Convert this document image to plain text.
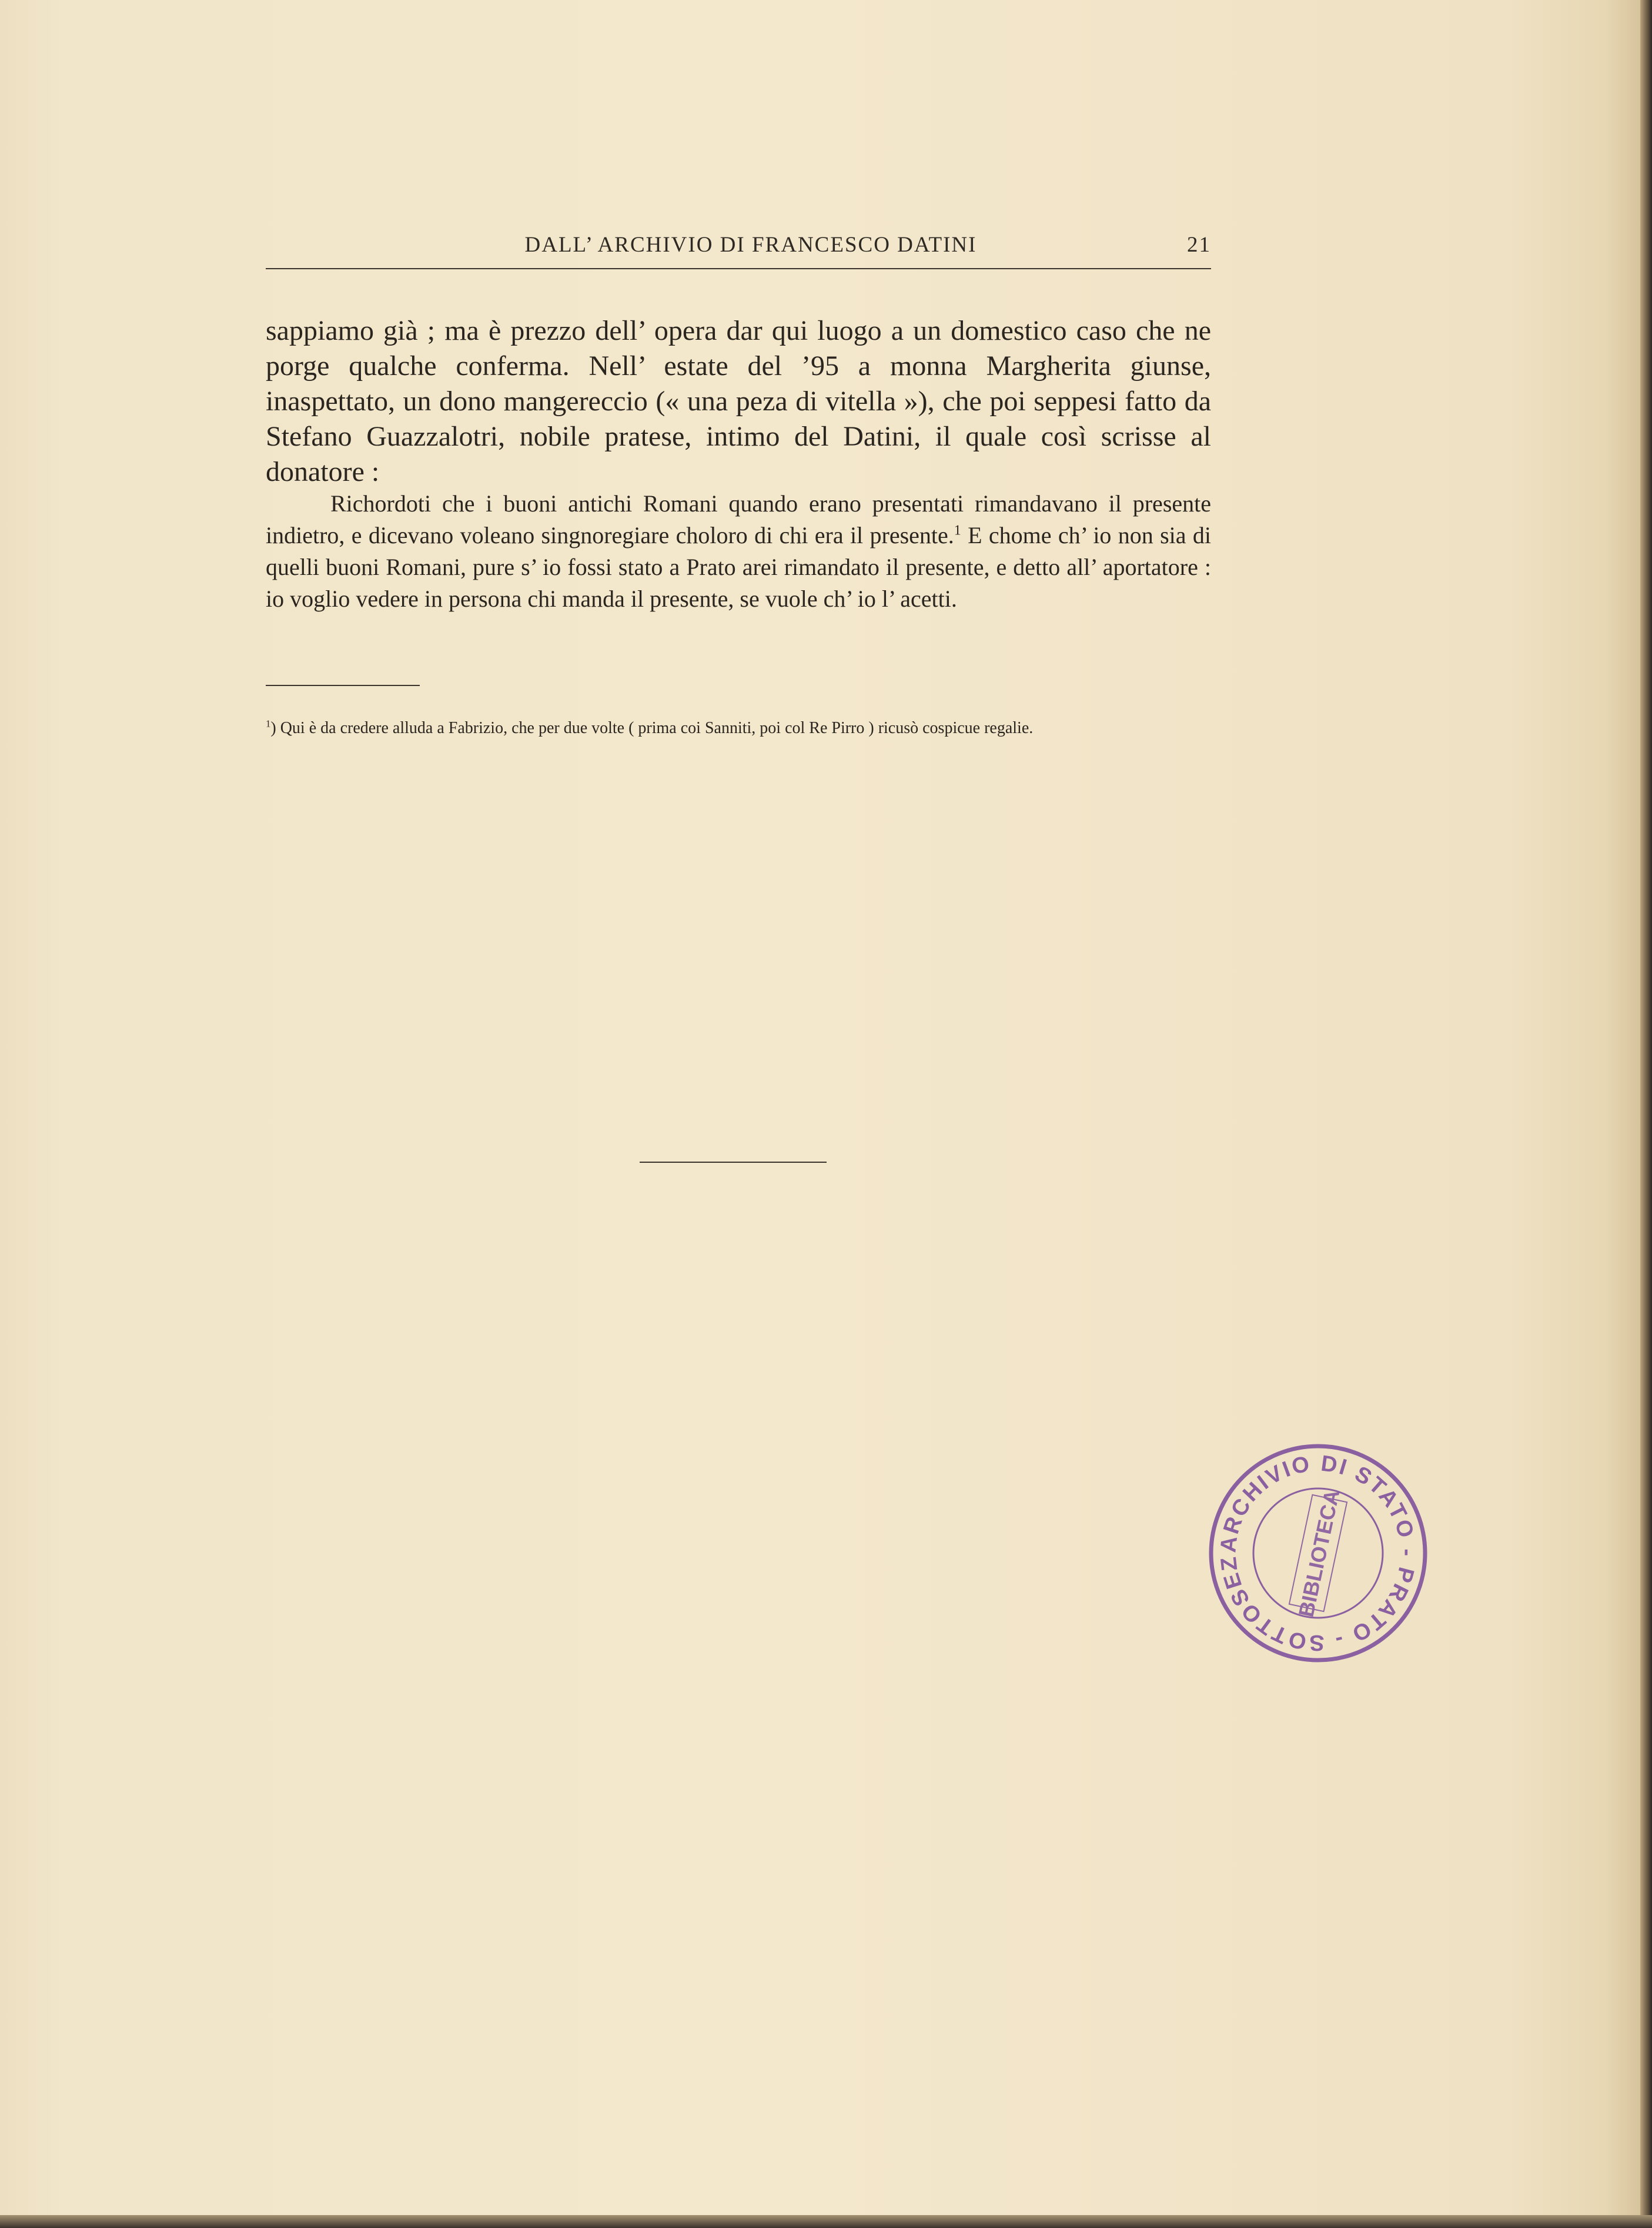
DALL’ ARCHIVIO DI FRANCESCO DATINI	21

sappiamo già ; ma è prezzo dell’ opera dar qui luogo a un domestico caso che ne porge qualche conferma. Nell’ estate del ’95 a monna Margherita giunse, inaspettato, un dono mangereccio (« una peza di vitella »), che poi seppesi fatto da Stefano Guazzalotri, nobile pratese, intimo del Datini, il quale così scrisse al donatore :

Richordoti che i buoni antichi Romani quando erano presentati rimandavano il presente indietro, e dicevano voleano singnoregiare choloro di chi era il presente.$^1$ E chome ch’ io non sia di quelli buoni Romani, pure s’ io fossi stato a Prato arei rimandato il presente, e detto all’ aportatore : io voglio vedere in persona chi manda il presente, se vuole ch’ io l’ acetti.

$^1$) Qui è da credere alluda a Fabrizio, che per due volte ( prima coi Sanniti, poi col Re Pirro ) ricusò cospicue regalie.

ARCHIVIO DI STATO - PRATO - SOTTOSEZ	BIBLIOTECA
